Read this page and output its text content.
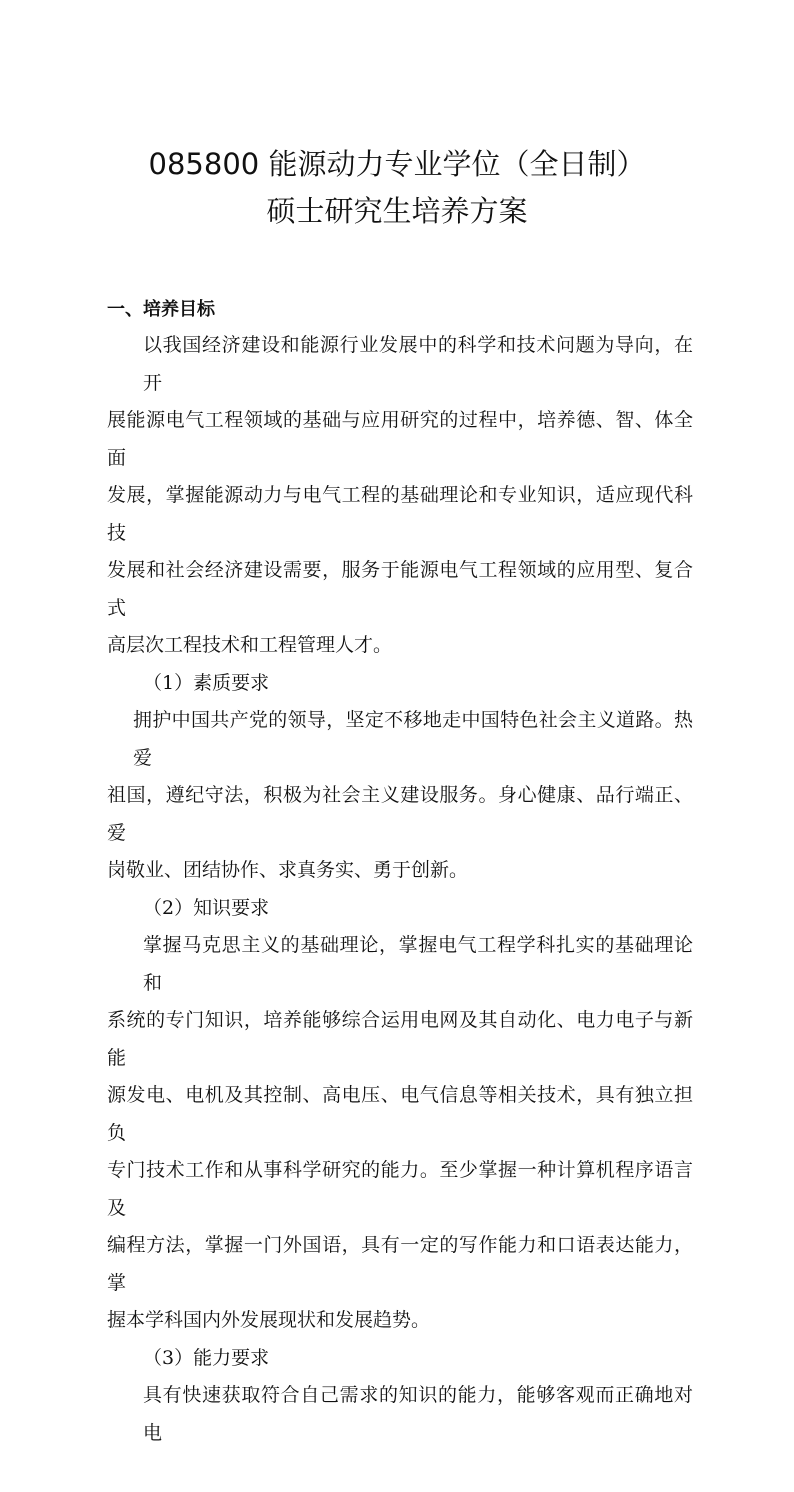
085800 能源动力专业学位（全日制）
硕士研究生培养方案
一、培养目标
以我国经济建设和能源行业发展中的科学和技术问题为导向，在开
展能源电气工程领域的基础与应用研究的过程中，培养德、智、体全面
发展，掌握能源动力与电气工程的基础理论和专业知识，适应现代科技
发展和社会经济建设需要，服务于能源电气工程领域的应用型、复合式
高层次工程技术和工程管理人才。
（1）素质要求
拥护中国共产党的领导，坚定不移地走中国特色社会主义道路。热爱
祖国，遵纪守法，积极为社会主义建设服务。身心健康、品行端正、爱
岗敬业、团结协作、求真务实、勇于创新。
（2）知识要求
掌握马克思主义的基础理论，掌握电气工程学科扎实的基础理论和
系统的专门知识，培养能够综合运用电网及其自动化、电力电子与新能
源发电、电机及其控制、高电压、电气信息等相关技术，具有独立担负
专门技术工作和从事科学研究的能力。至少掌握一种计算机程序语言及
编程方法，掌握一门外国语，具有一定的写作能力和口语表达能力，掌
握本学科国内外发展现状和发展趋势。
（3）能力要求
具有快速获取符合自己需求的知识的能力，能够客观而正确地对电
